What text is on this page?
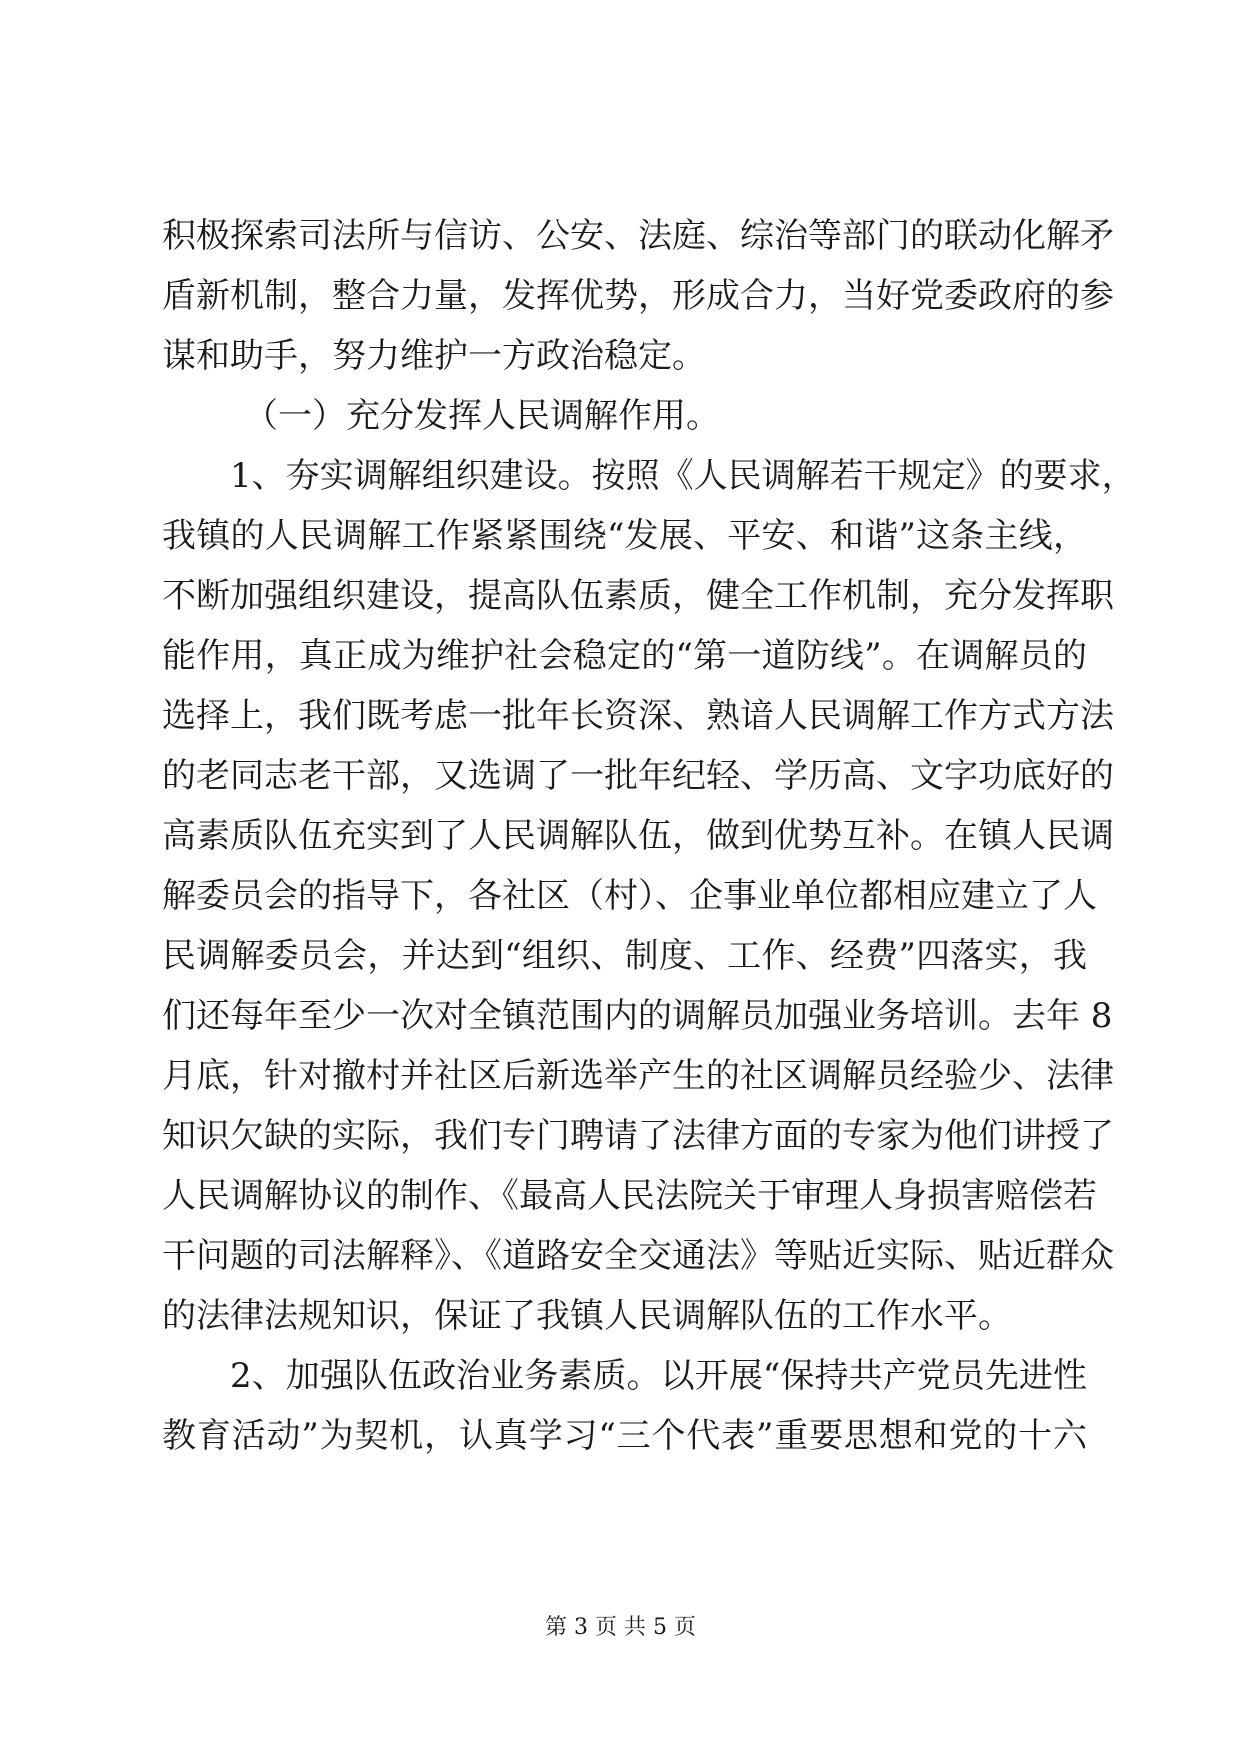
积极探索司法所与信访、公安、法庭、综治等部门的联动化解矛
盾新机制，整合力量，发挥优势，形成合力，当好党委政府的参
谋和助手，努力维护一方政治稳定。
（一）充分发挥人民调解作用。
1、夯实调解组织建设。按照《人民调解若干规定》的要求，
我镇的人民调解工作紧紧围绕“发展、平安、和谐”这条主线，
不断加强组织建设，提高队伍素质，健全工作机制，充分发挥职
能作用，真正成为维护社会稳定的“第一道防线”。在调解员的
选择上，我们既考虑一批年长资深、熟谙人民调解工作方式方法
的老同志老干部，又选调了一批年纪轻、学历高、文字功底好的
高素质队伍充实到了人民调解队伍，做到优势互补。在镇人民调
解委员会的指导下，各社区（村）、企事业单位都相应建立了人
民调解委员会，并达到“组织、制度、工作、经费”四落实，我
们还每年至少一次对全镇范围内的调解员加强业务培训。去年 8
月底，针对撤村并社区后新选举产生的社区调解员经验少、法律
知识欠缺的实际，我们专门聘请了法律方面的专家为他们讲授了
人民调解协议的制作、《最高人民法院关于审理人身损害赔偿若
干问题的司法解释》、《道路安全交通法》等贴近实际、贴近群众
的法律法规知识，保证了我镇人民调解队伍的工作水平。
2、加强队伍政治业务素质。以开展“保持共产党员先进性
教育活动”为契机，认真学习“三个代表”重要思想和党的十六
第 3 页 共 5 页
